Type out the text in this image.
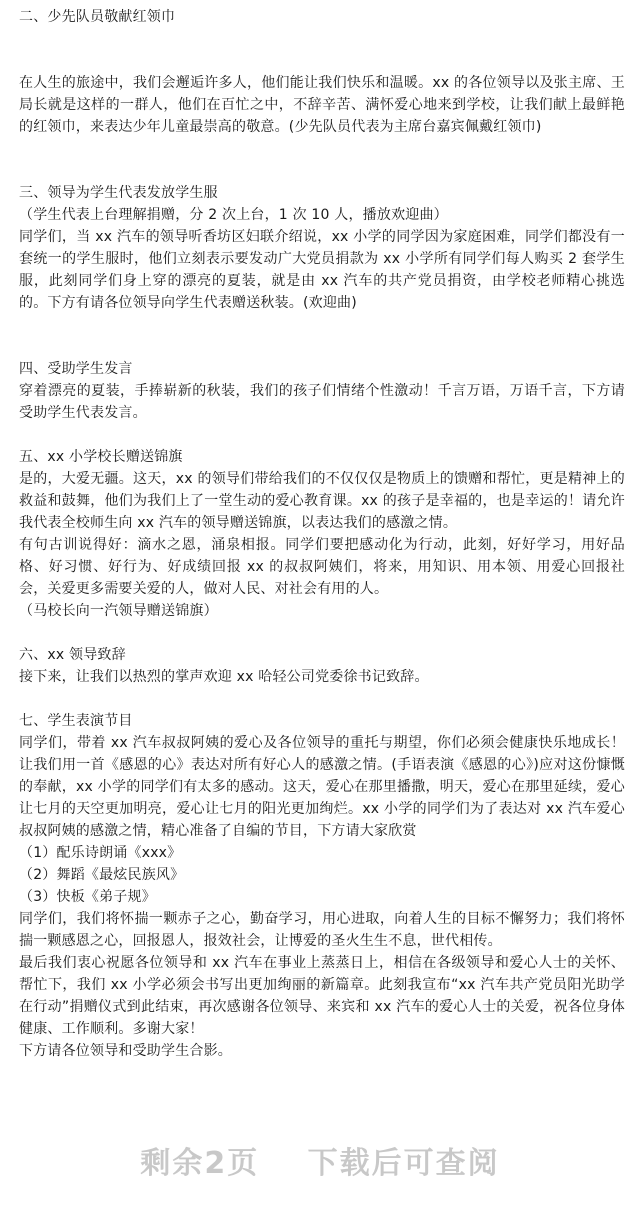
二、少先队员敬献红领巾

在人生的旅途中，我们会邂逅许多人，他们能让我们快乐和温暖。xx 的各位领导以及张主席、王局长就是这样的一群人，他们在百忙之中，不辞辛苦、满怀爱心地来到学校，让我们献上最鲜艳的红领巾，来表达少年儿童最崇高的敬意。(少先队员代表为主席台嘉宾佩戴红领巾)

三、领导为学生代表发放学生服

（学生代表上台理解捐赠，分 2 次上台，1 次 10 人，播放欢迎曲）

同学们，当 xx 汽车的领导听香坊区妇联介绍说，xx 小学的同学因为家庭困难，同学们都没有一套统一的学生服时，他们立刻表示要发动广大党员捐款为 xx 小学所有同学们每人购买 2 套学生服，此刻同学们身上穿的漂亮的夏装，就是由 xx 汽车的共产党员捐资，由学校老师精心挑选的。下方有请各位领导向学生代表赠送秋装。(欢迎曲)

四、受助学生发言

穿着漂亮的夏装，手捧崭新的秋装，我们的孩子们情绪个性激动！千言万语，万语千言，下方请受助学生代表发言。

五、xx 小学校长赠送锦旗

是的，大爱无疆。这天，xx 的领导们带给我们的不仅仅仅是物质上的馈赠和帮忙，更是精神上的救益和鼓舞，他们为我们上了一堂生动的爱心教育课。xx 的孩子是幸福的，也是幸运的！请允许我代表全校师生向 xx 汽车的领导赠送锦旗，以表达我们的感激之情。

有句古训说得好：滴水之恩，涌泉相报。同学们要把感动化为行动，此刻，好好学习，用好品格、好习惯、好行为、好成绩回报 xx 的叔叔阿姨们，将来，用知识、用本领、用爱心回报社会，关爱更多需要关爱的人，做对人民、对社会有用的人。

（马校长向一汽领导赠送锦旗）

六、xx 领导致辞

接下来，让我们以热烈的掌声欢迎 xx 哈轻公司党委徐书记致辞。

七、学生表演节目

同学们，带着 xx 汽车叔叔阿姨的爱心及各位领导的重托与期望，你们必须会健康快乐地成长！让我们用一首《感恩的心》表达对所有好心人的感激之情。(手语表演《感恩的心》)应对这份慷慨的奉献，xx 小学的同学们有太多的感动。这天，爱心在那里播撒，明天，爱心在那里延续，爱心让七月的天空更加明亮，爱心让七月的阳光更加绚烂。xx 小学的同学们为了表达对 xx 汽车爱心叔叔阿姨的感激之情，精心准备了自编的节目，下方请大家欣赏

（1）配乐诗朗诵《xxx》

（2）舞蹈《最炫民族风》

（3）快板《弟子规》

同学们，我们将怀揣一颗赤子之心，勤奋学习，用心进取，向着人生的目标不懈努力；我们将怀揣一颗感恩之心，回报恩人，报效社会，让博爱的圣火生生不息，世代相传。

最后我们衷心祝愿各位领导和 xx 汽车在事业上蒸蒸日上，相信在各级领导和爱心人士的关怀、帮忙下，我们 xx 小学必须会书写出更加绚丽的新篇章。此刻我宣布“xx 汽车共产党员阳光助学在行动”捐赠仪式到此结束，再次感谢各位领导、来宾和 xx 汽车的爱心人士的关爱，祝各位身体健康、工作顺利。多谢大家！

下方请各位领导和受助学生合影。

剩余2页 下载后可查阅
